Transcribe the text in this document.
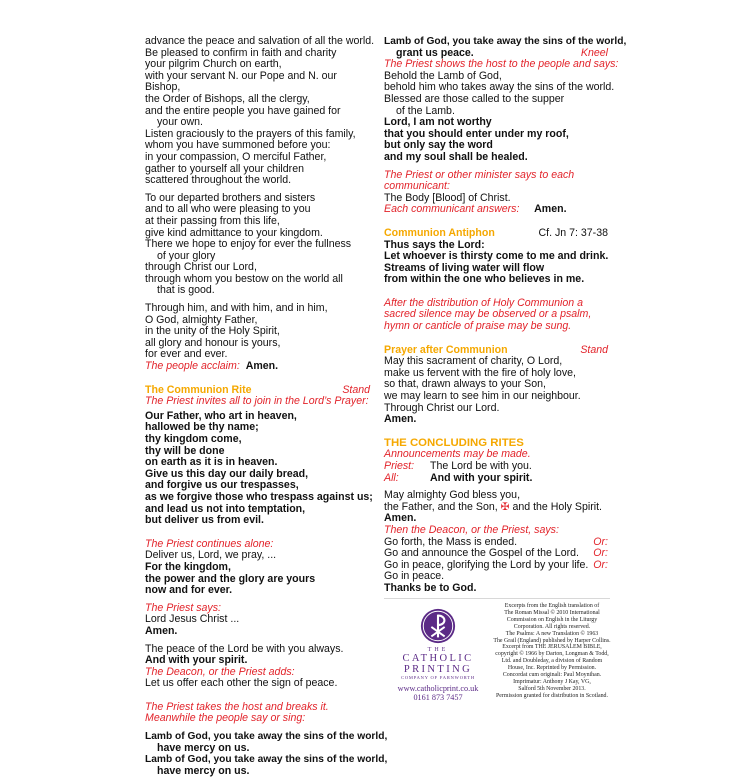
advance the peace and salvation of all the world.
Be pleased to confirm in faith and charity
your pilgrim Church on earth,
with your servant N. our Pope and N. our
Bishop,
the Order of Bishops, all the clergy,
and the entire people you have gained for
your own.
Listen graciously to the prayers of this family,
whom you have summoned before you:
in your compassion, O merciful Father,
gather to yourself all your children
scattered throughout the world.
To our departed brothers and sisters
and to all who were pleasing to you
at their passing from this life,
give kind admittance to your kingdom.
There we hope to enjoy for ever the fullness
of your glory
through Christ our Lord,
through whom you bestow on the world all
that is good.
Through him, and with him, and in him,
O God, almighty Father,
in the unity of the Holy Spirit,
all glory and honour is yours,
for ever and ever.
The people acclaim: Amen.
The Communion Rite	Stand
The Priest invites all to join in the Lord’s Prayer:
Our Father, who art in heaven,
hallowed be thy name;
thy kingdom come,
thy will be done
on earth as it is in heaven.
Give us this day our daily bread,
and forgive us our trespasses,
as we forgive those who trespass against us;
and lead us not into temptation,
but deliver us from evil.
The Priest continues alone:
Deliver us, Lord, we pray, ...
For the kingdom,
the power and the glory are yours
now and for ever.
The Priest says:
Lord Jesus Christ ...
Amen.
The peace of the Lord be with you always.
And with your spirit.
The Deacon, or the Priest adds:
Let us offer each other the sign of peace.
The Priest takes the host and breaks it.
Meanwhile the people say or sing:
Lamb of God, you take away the sins of the world,
have mercy on us.
Lamb of God, you take away the sins of the world,
have mercy on us.
Lamb of God, you take away the sins of the world,
grant us peace.	Kneel
The Priest shows the host to the people and says:
Behold the Lamb of God,
behold him who takes away the sins of the world.
Blessed are those called to the supper
of the Lamb.
Lord, I am not worthy
that you should enter under my roof,
but only say the word
and my soul shall be healed.
The Priest or other minister says to each
communicant:
The Body [Blood] of Christ.
Each communicant answers: Amen.
Communion Antiphon	Cf. Jn 7: 37-38
Thus says the Lord:
Let whoever is thirsty come to me and drink.
Streams of living water will flow
from within the one who believes in me.
After the distribution of Holy Communion a
sacred silence may be observed or a psalm,
hymn or canticle of praise may be sung.
Prayer after Communion	Stand
May this sacrament of charity, O Lord,
make us fervent with the fire of holy love,
so that, drawn always to your Son,
we may learn to see him in our neighbour.
Through Christ our Lord.
Amen.
THE CONCLUDING RITES
Announcements may be made.
Priest:	The Lord be with you.
All:	And with your spirit.
May almighty God bless you,
the Father, and the Son, ✠ and the Holy Spirit.
Amen.
Then the Deacon, or the Priest, says:
Go forth, the Mass is ended.	Or:
Go and announce the Gospel of the Lord. Or:
Go in peace, glorifying the Lord by your life. Or:
Go in peace.
Thanks be to God.
THE
CATHOLIC
PRINTING
COMPANY OF FARNWORTH
www.catholicprint.co.uk
0161 873 7457
Excerpts from the English translation of
The Roman Missal © 2010 International
Commission on English in the Liturgy
Corporation. All rights reserved.
The Psalms: A new Translation © 1963
The Grail (England) published by Harper Collins.
Excerpt from THE JERUSALEM BIBLE,
copyright © 1966 by Darton, Longman & Todd,
Ltd. and Doubleday, a division of Random
House, Inc. Reprinted by Permission.
Concordat cum originali: Paul Moynihan.
Imprimatur: Anthony J Kay, VG,
Salford 5th November 2013.
Permission granted for distribution in Scotland.
